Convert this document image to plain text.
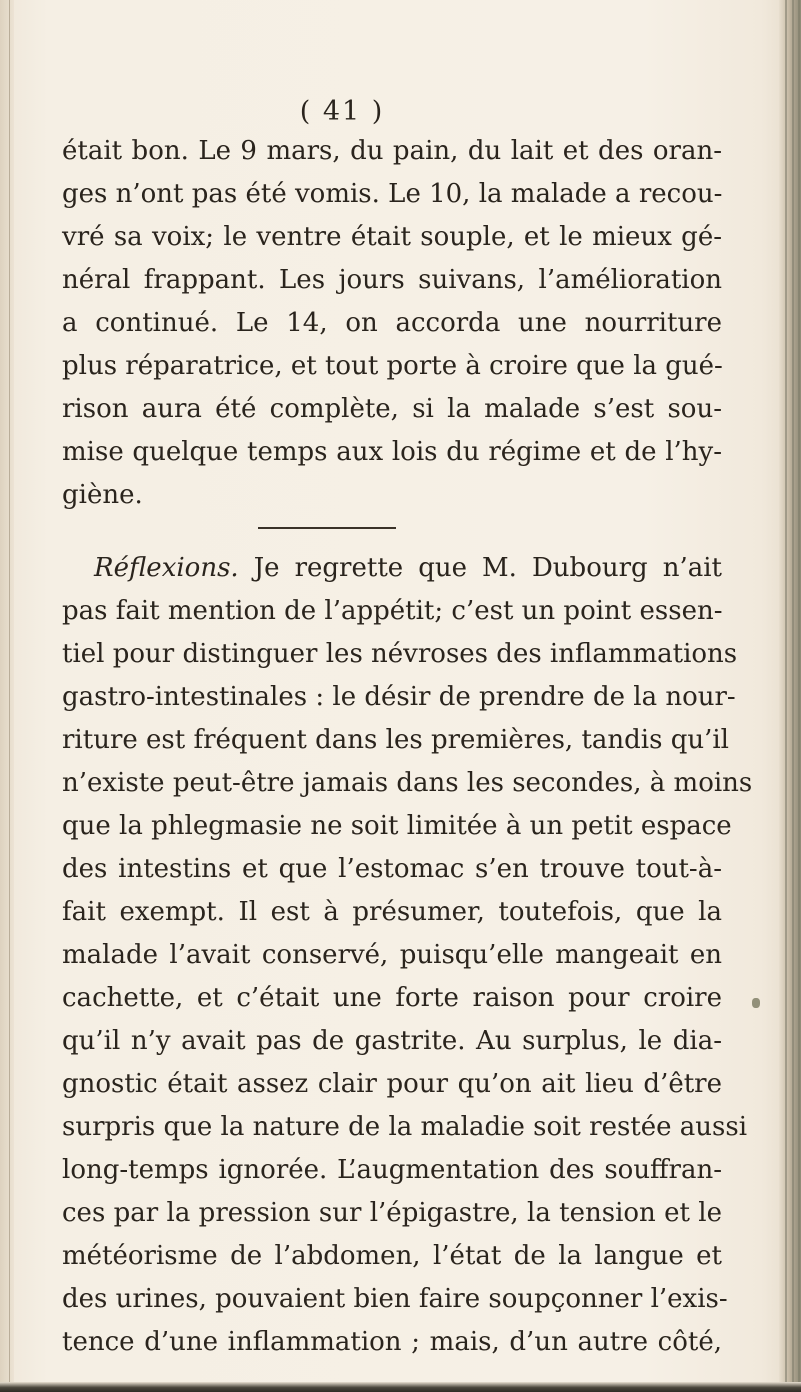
( 41 )

était bon. Le 9 mars, du pain, du lait et des oran-

ges n’ont pas été vomis. Le 10, la malade a recou-

vré sa voix; le ventre était souple, et le mieux gé-

néral frappant. Les jours suivans, l’amélioration

a continué. Le 14, on accorda une nourriture

plus réparatrice, et tout porte à croire que la gué-

rison aura été complète, si la malade s’est sou-

mise quelque temps aux lois du régime et de l’hy-

giène.

Réflexions. Je regrette que M. Dubourg n’ait

pas fait mention de l’appétit; c’est un point essen-

tiel pour distinguer les névroses des inflammations

gastro-intestinales : le désir de prendre de la nour-

riture est fréquent dans les premières, tandis qu’il

n’existe peut-être jamais dans les secondes, à moins

que la phlegmasie ne soit limitée à un petit espace

des intestins et que l’estomac s’en trouve tout-à-

fait exempt. Il est à présumer, toutefois, que la

malade l’avait conservé, puisqu’elle mangeait en

cachette, et c’était une forte raison pour croire

qu’il n’y avait pas de gastrite. Au surplus, le dia-

gnostic était assez clair pour qu’on ait lieu d’être

surpris que la nature de la maladie soit restée aussi

long-temps ignorée. L’augmentation des souffran-

ces par la pression sur l’épigastre, la tension et le

météorisme de l’abdomen, l’état de la langue et

des urines, pouvaient bien faire soupçonner l’exis-

tence d’une inflammation ; mais, d’un autre côté,
